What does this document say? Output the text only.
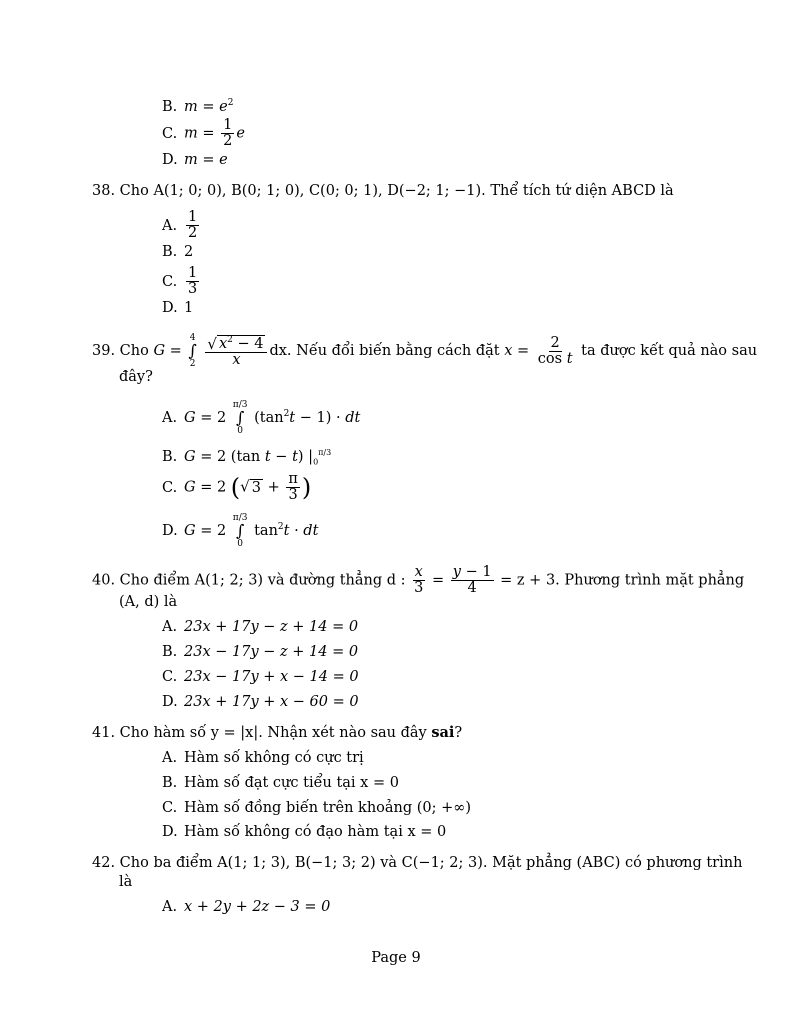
B. $m = e^2$
C. $m = \frac{1}{2}$ e
D. m = e
38. Cho A(1; 0; 0), B(0; 1; 0), C(0; 0; 1), D(−2; 1; −1). Thể tích tứ diện ABCD là
A. $\frac{1}{2}$
B. 2
C. $\frac{1}{3}$
D. 1
39. Cho G =
4
∫
2
$\frac{√ x^2 - 4}{x}$ dx. Nếu đổi biến bằng cách đặt $x = \frac{2}{\text{cos t}}$ ta được kết quả nào sau
đây?
A. G = 2
π/3
∫
0
$(\tan^2t - 1)$ · dt
B. G = 2 (tan t − t) $|_0^{\pi/3}$
C. G = 2 (√ $3 + \frac{\pi}{3}$ )
D. G = 2
π/3
∫
0
$\tan^2t$ · dt
40. Cho điểm A(1; 2; 3) và đường thẳng d : $\frac{x}{3} = \frac{y - 1}{4} = z + 3$. Phương trình mặt phẳng
(A, d) là
A. 23x + 17y − z + 14 = 0
B. 23x − 17y − z + 14 = 0
C. 23x − 17y + x − 14 = 0
D. 23x + 17y + x − 60 = 0
41. Cho hàm số y = |x|. Nhận xét nào sau đây sai?
A. Hàm số không có cực trị
B. Hàm số đạt cực tiểu tại x = 0
C. Hàm số đồng biến trên khoảng (0; +∞)
D. Hàm số không có đạo hàm tại x = 0
42. Cho ba điểm A(1; 1; 3), B(−1; 3; 2) và C(−1; 2; 3). Mặt phẳng (ABC) có phương trình
là
A. x + 2y + 2z − 3 = 0
Page 9
